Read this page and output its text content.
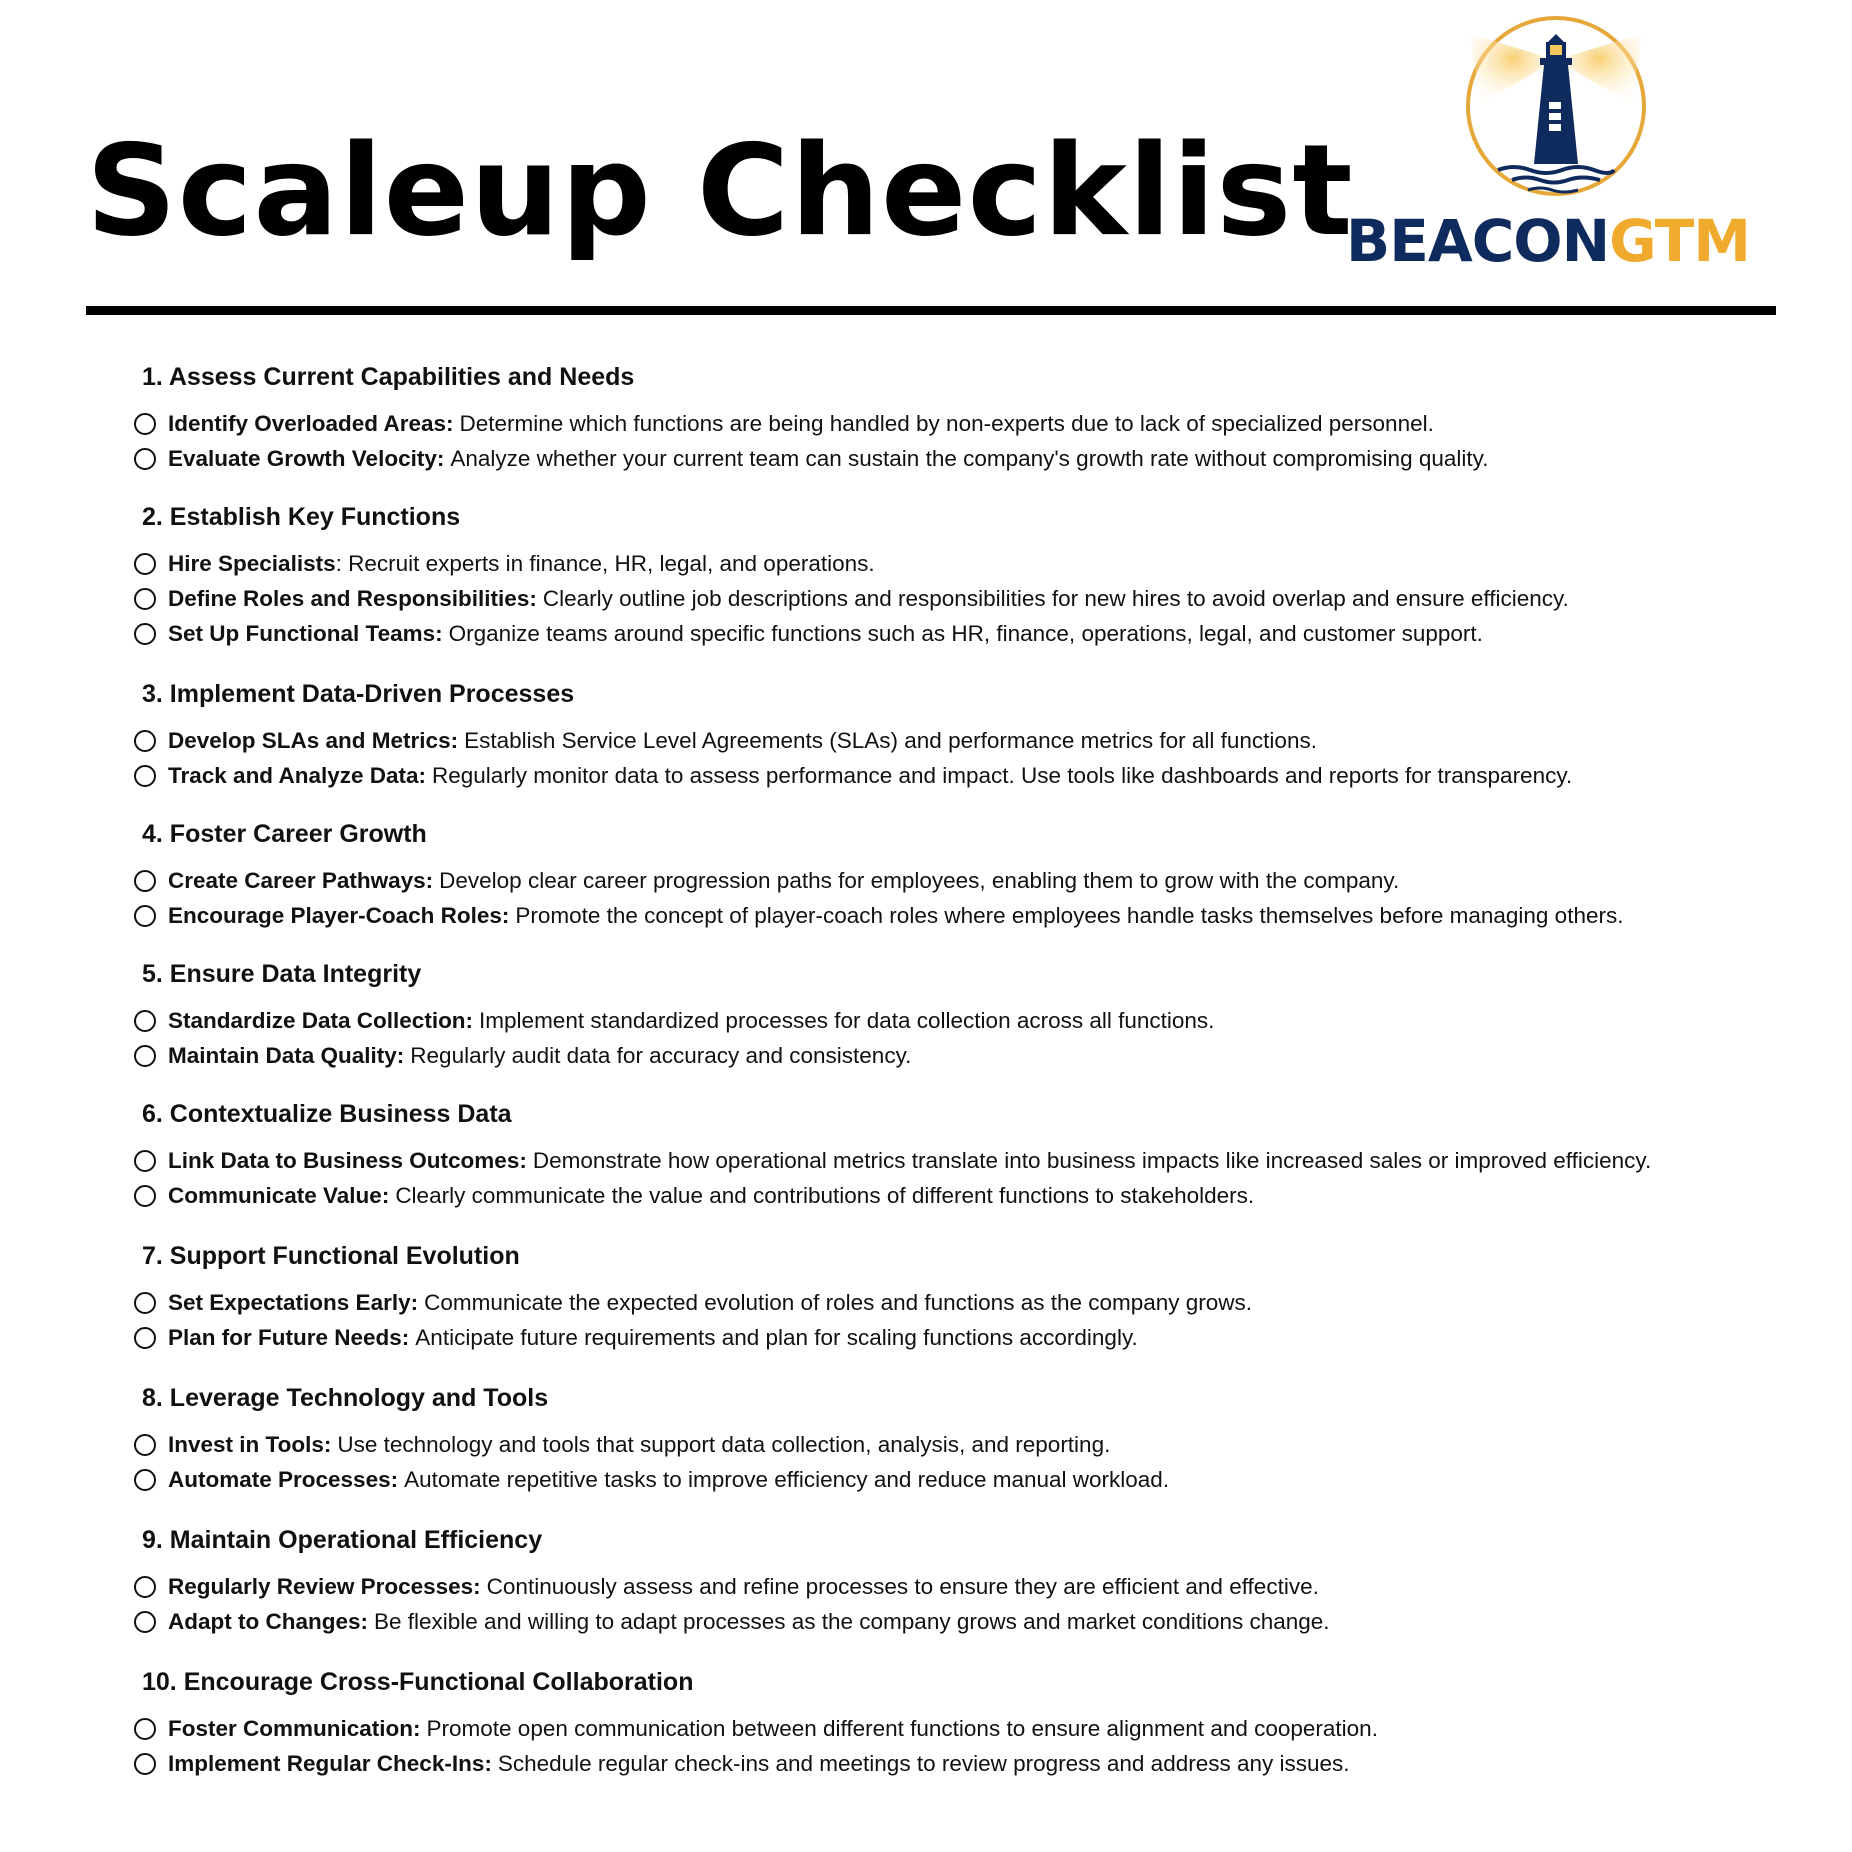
Scaleup Checklist
BEACONGTM
1. Assess Current Capabilities and Needs
Identify Overloaded Areas: Determine which functions are being handled by non-experts due to lack of specialized personnel.
Evaluate Growth Velocity: Analyze whether your current team can sustain the company's growth rate without compromising quality.
2. Establish Key Functions
Hire Specialists : Recruit experts in finance, HR, legal, and operations.
Define Roles and Responsibilities: Clearly outline job descriptions and responsibilities for new hires to avoid overlap and ensure efficiency.
Set Up Functional Teams: Organize teams around specific functions such as HR, finance, operations, legal, and customer support.
3. Implement Data-Driven Processes
Develop SLAs and Metrics: Establish Service Level Agreements (SLAs) and performance metrics for all functions.
Track and Analyze Data: Regularly monitor data to assess performance and impact. Use tools like dashboards and reports for transparency.
4. Foster Career Growth
Create Career Pathways: Develop clear career progression paths for employees, enabling them to grow with the company.
Encourage Player-Coach Roles: Promote the concept of player-coach roles where employees handle tasks themselves before managing others.
5. Ensure Data Integrity
Standardize Data Collection: Implement standardized processes for data collection across all functions.
Maintain Data Quality: Regularly audit data for accuracy and consistency.
6. Contextualize Business Data
Link Data to Business Outcomes: Demonstrate how operational metrics translate into business impacts like increased sales or improved efficiency.
Communicate Value: Clearly communicate the value and contributions of different functions to stakeholders.
7. Support Functional Evolution
Set Expectations Early: Communicate the expected evolution of roles and functions as the company grows.
Plan for Future Needs: Anticipate future requirements and plan for scaling functions accordingly.
8. Leverage Technology and Tools
Invest in Tools: Use technology and tools that support data collection, analysis, and reporting.
Automate Processes: Automate repetitive tasks to improve efficiency and reduce manual workload.
9. Maintain Operational Efficiency
Regularly Review Processes: Continuously assess and refine processes to ensure they are efficient and effective.
Adapt to Changes: Be flexible and willing to adapt processes as the company grows and market conditions change.
10. Encourage Cross-Functional Collaboration
Foster Communication: Promote open communication between different functions to ensure alignment and cooperation.
Implement Regular Check-Ins: Schedule regular check-ins and meetings to review progress and address any issues.
